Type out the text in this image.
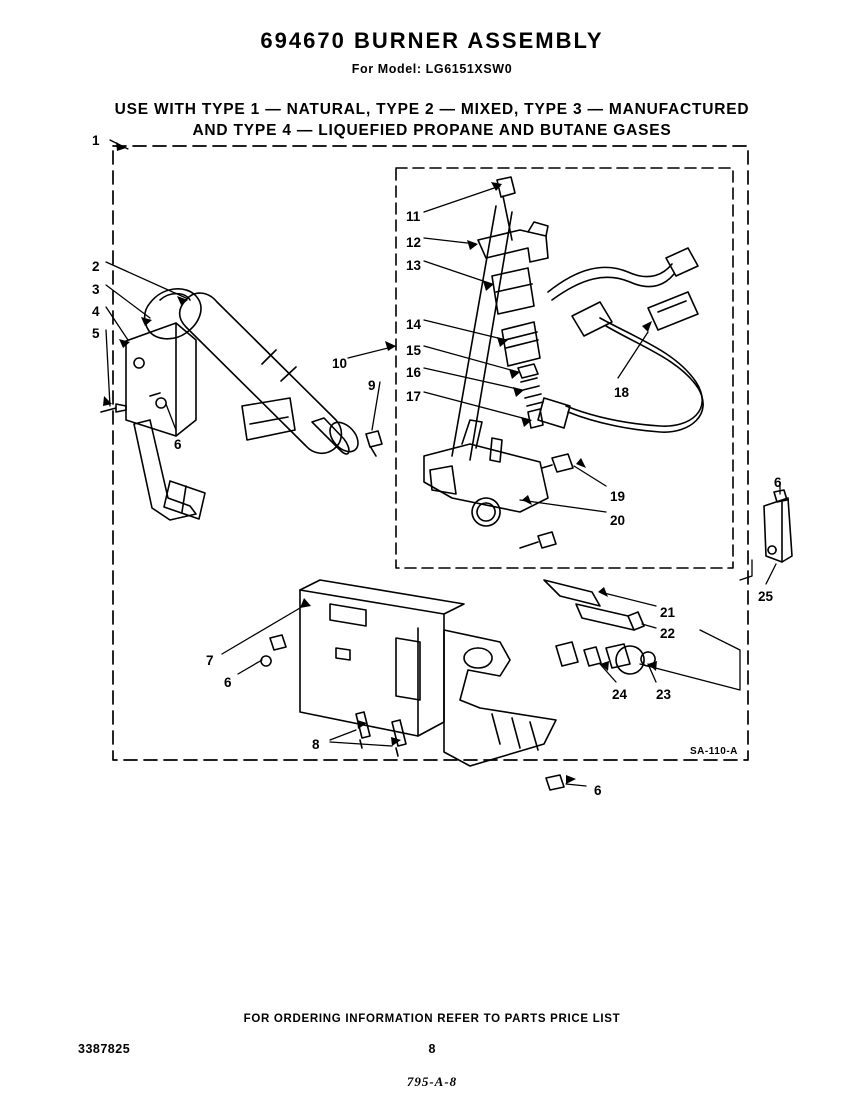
694670 BURNER ASSEMBLY
For Model: LG6151XSW0
USE WITH TYPE 1 — NATURAL, TYPE 2 — MIXED, TYPE 3 — MANUFACTURED
AND TYPE 4 — LIQUEFIED PROPANE AND BUTANE GASES
1
2
3
4
5
6
7
6
8
6
9
10
11
12
13
14
15
16
17	18
19
20
21
22
23
24
25
6
SA-110-A
FOR ORDERING INFORMATION REFER TO PARTS PRICE LIST
3387825	8
795-A-8
